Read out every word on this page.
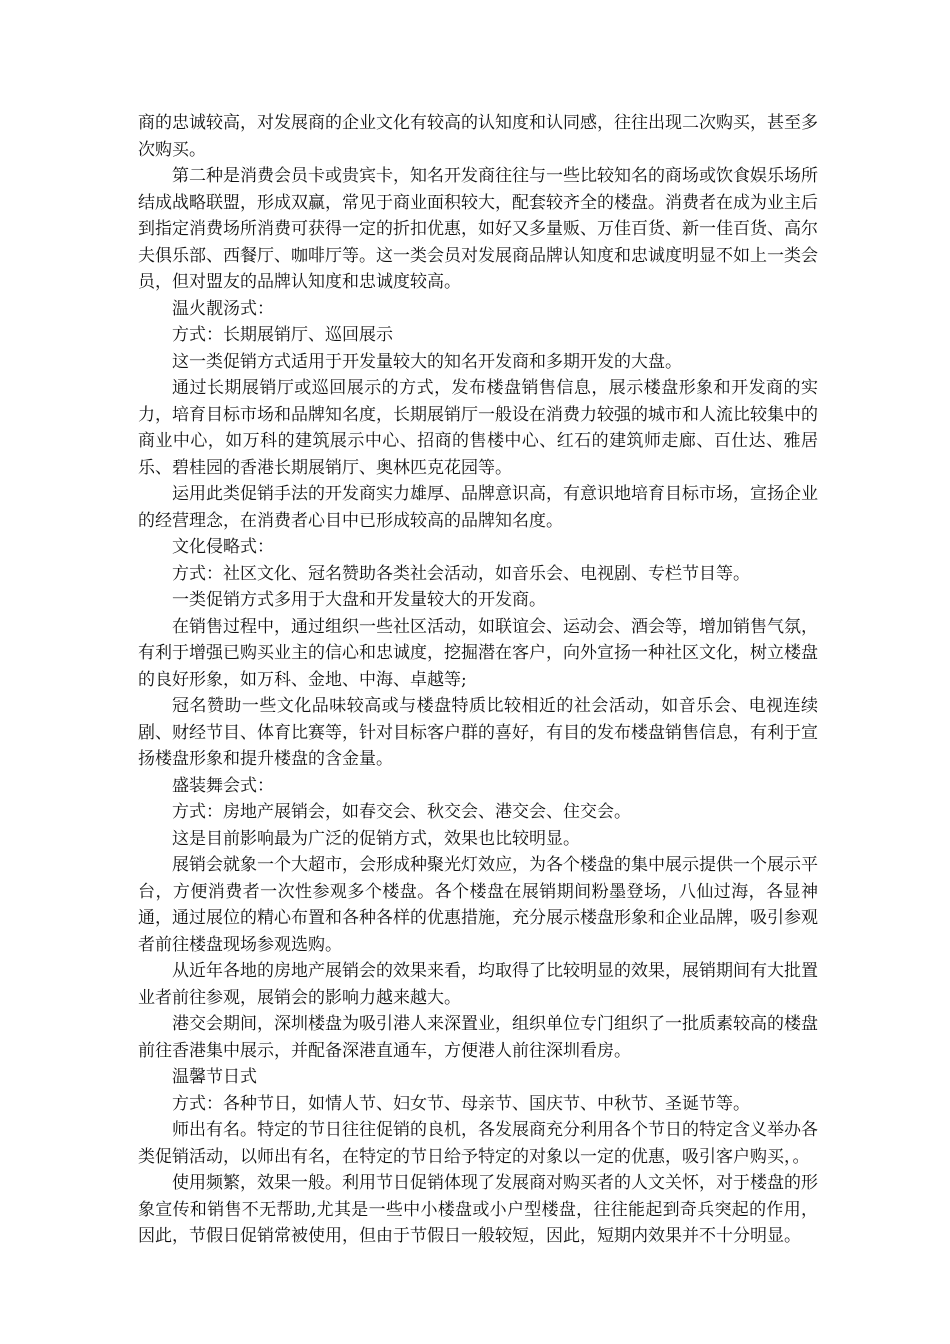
商的忠诚较高，对发展商的企业文化有较高的认知度和认同感，往往出现二次购买，甚至多次购买。

第二种是消费会员卡或贵宾卡，知名开发商往往与一些比较知名的商场或饮食娱乐场所结成战略联盟，形成双赢，常见于商业面积较大，配套较齐全的楼盘。消费者在成为业主后到指定消费场所消费可获得一定的折扣优惠，如好又多量贩、万佳百货、新一佳百货、高尔夫俱乐部、西餐厅、咖啡厅等。这一类会员对发展商品牌认知度和忠诚度明显不如上一类会员，但对盟友的品牌认知度和忠诚度较高。

温火靓汤式：

方式：长期展销厅、巡回展示

这一类促销方式适用于开发量较大的知名开发商和多期开发的大盘。

通过长期展销厅或巡回展示的方式，发布楼盘销售信息，展示楼盘形象和开发商的实力，培育目标市场和品牌知名度，长期展销厅一般设在消费力较强的城市和人流比较集中的商业中心，如万科的建筑展示中心、招商的售楼中心、红石的建筑师走廊、百仕达、雅居乐、碧桂园的香港长期展销厅、奥林匹克花园等。

运用此类促销手法的开发商实力雄厚、品牌意识高，有意识地培育目标市场，宣扬企业的经营理念，在消费者心目中已形成较高的品牌知名度。

文化侵略式：

方式：社区文化、冠名赞助各类社会活动，如音乐会、电视剧、专栏节目等。

一类促销方式多用于大盘和开发量较大的开发商。

在销售过程中，通过组织一些社区活动，如联谊会、运动会、酒会等，增加销售气氛，有利于增强已购买业主的信心和忠诚度，挖掘潜在客户，向外宣扬一种社区文化，树立楼盘的良好形象，如万科、金地、中海、卓越等;

冠名赞助一些文化品味较高或与楼盘特质比较相近的社会活动，如音乐会、电视连续剧、财经节目、体育比赛等，针对目标客户群的喜好，有目的发布楼盘销售信息，有利于宣扬楼盘形象和提升楼盘的含金量。

盛装舞会式：

方式：房地产展销会，如春交会、秋交会、港交会、住交会。

这是目前影响最为广泛的促销方式，效果也比较明显。

展销会就象一个大超市，会形成种聚光灯效应，为各个楼盘的集中展示提供一个展示平台，方便消费者一次性参观多个楼盘。各个楼盘在展销期间粉墨登场，八仙过海，各显神通，通过展位的精心布置和各种各样的优惠措施，充分展示楼盘形象和企业品牌，吸引参观者前往楼盘现场参观选购。

从近年各地的房地产展销会的效果来看，均取得了比较明显的效果，展销期间有大批置业者前往参观，展销会的影响力越来越大。

港交会期间，深圳楼盘为吸引港人来深置业，组织单位专门组织了一批质素较高的楼盘前往香港集中展示，并配备深港直通车，方便港人前往深圳看房。

温馨节日式

方式：各种节日，如情人节、妇女节、母亲节、国庆节、中秋节、圣诞节等。

师出有名。特定的节日往往促销的良机，各发展商充分利用各个节日的特定含义举办各类促销活动，以师出有名，在特定的节日给予特定的对象以一定的优惠，吸引客户购买，。

使用频繁，效果一般。利用节日促销体现了发展商对购买者的人文关怀，对于楼盘的形象宣传和销售不无帮助,尤其是一些中小楼盘或小户型楼盘，往往能起到奇兵突起的作用，因此，节假日促销常被使用，但由于节假日一般较短，因此，短期内效果并不十分明显。
